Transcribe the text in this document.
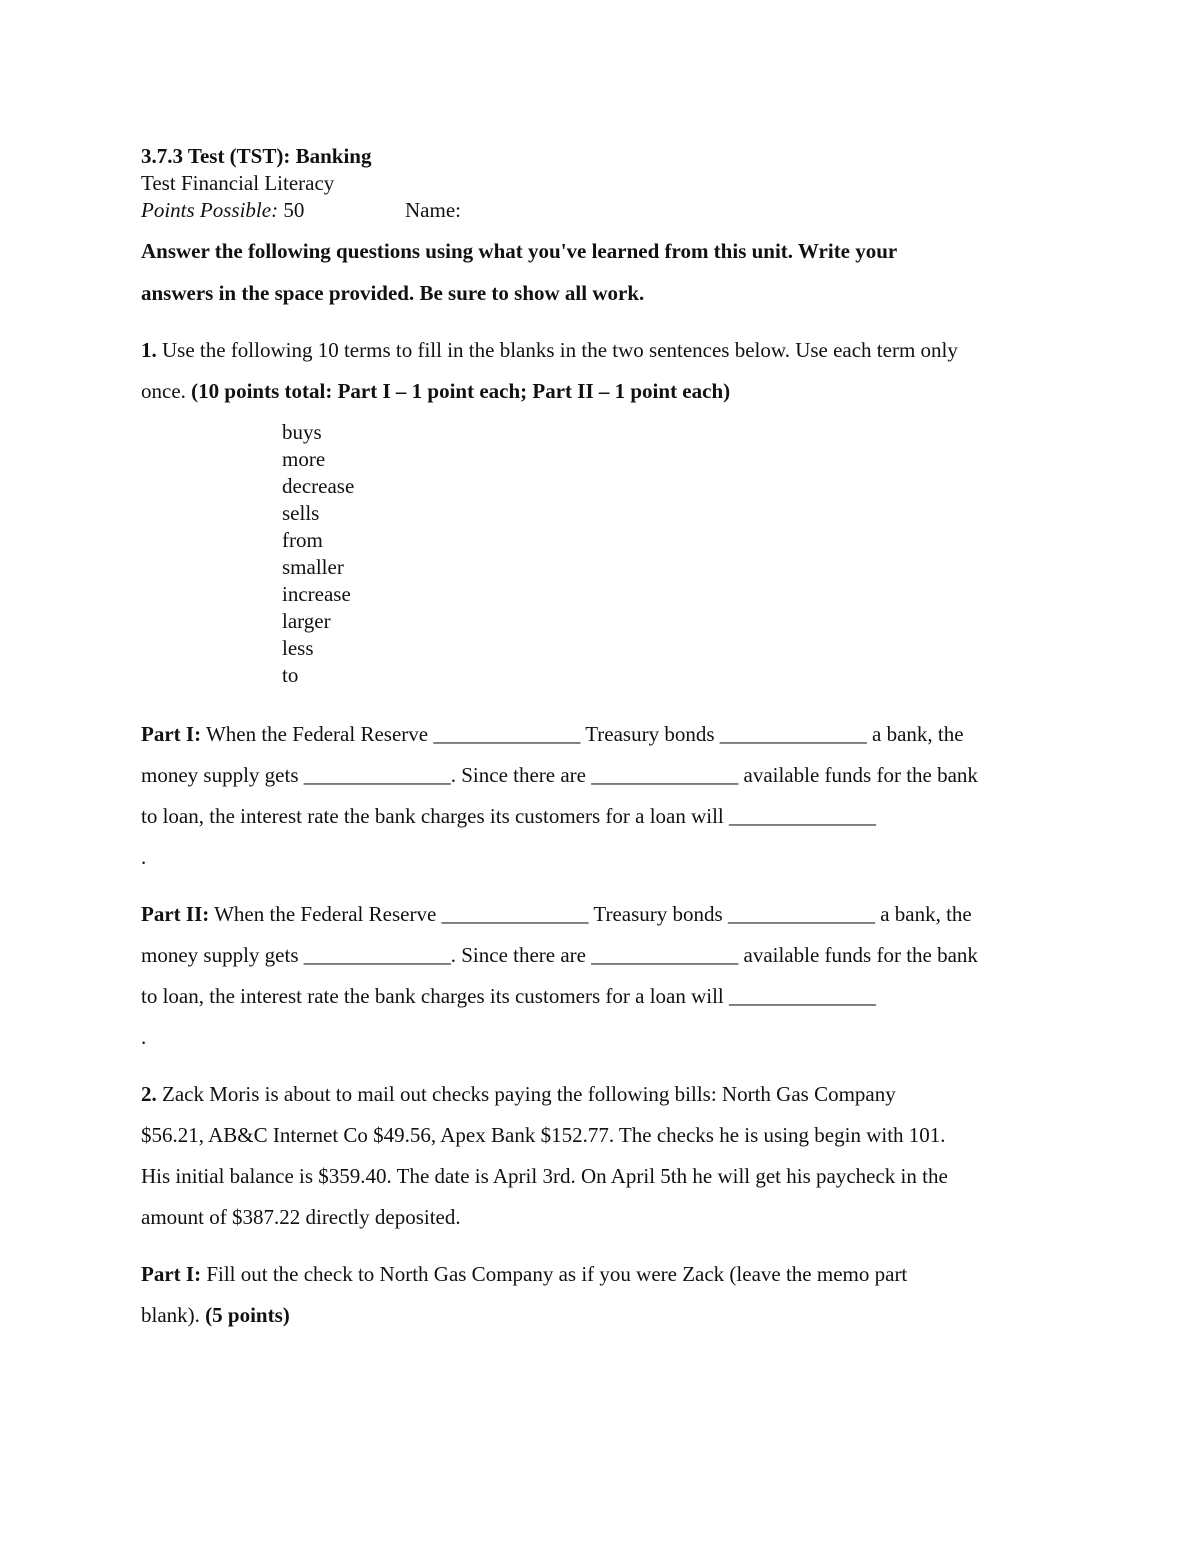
3.7.3 Test (TST): Banking
Test Financial Literacy
Points Possible: 50	Name:
Answer the following questions using what you've learned from this unit. Write your
answers in the space provided. Be sure to show all work.
1. Use the following 10 terms to fill in the blanks in the two sentences below. Use each term only
once. (10 points total: Part I – 1 point each; Part II – 1 point each)
buys
more
decrease
sells
from
smaller
increase
larger
less
to
Part I: When the Federal Reserve ______________ Treasury bonds ______________ a bank, the
money supply gets ______________. Since there are ______________ available funds for the bank
to loan, the interest rate the bank charges its customers for a loan will ______________
.
Part II: When the Federal Reserve ______________ Treasury bonds ______________ a bank, the
money supply gets ______________. Since there are ______________ available funds for the bank
to loan, the interest rate the bank charges its customers for a loan will ______________
.
2. Zack Moris is about to mail out checks paying the following bills: North Gas Company
$56.21, AB&C Internet Co $49.56, Apex Bank $152.77. The checks he is using begin with 101.
His initial balance is $359.40. The date is April 3rd. On April 5th he will get his paycheck in the
amount of $387.22 directly deposited.
Part I: Fill out the check to North Gas Company as if you were Zack (leave the memo part
blank). (5 points)
